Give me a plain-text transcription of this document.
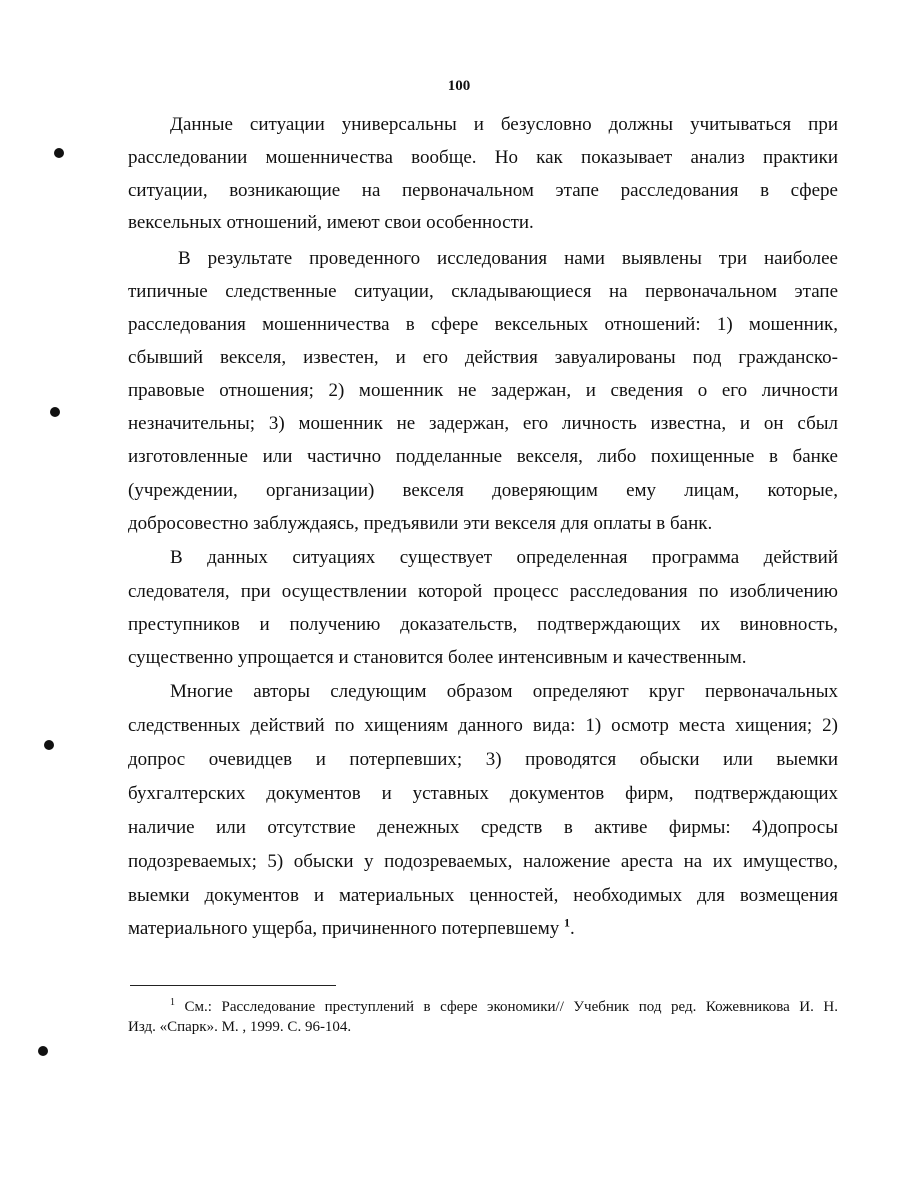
100
Данные ситуации универсальны и безусловно должны учитываться при
расследовании мошенничества вообще. Но как показывает анализ практики
ситуации, возникающие на первоначальном этапе расследования в сфере
вексельных отношений, имеют свои особенности.
В результате проведенного исследования нами выявлены три наиболее
типичные следственные ситуации, складывающиеся на первоначальном этапе
расследования мошенничества в сфере вексельных отношений: 1) мошенник,
сбывший векселя, известен, и его действия завуалированы под гражданско-
правовые отношения; 2) мошенник не задержан, и сведения о его личности
незначительны; 3) мошенник не задержан, его личность известна, и он сбыл
изготовленные или частично подделанные векселя, либо похищенные в банке
(учреждении, организации) векселя доверяющим ему лицам, которые,
добросовестно заблуждаясь, предъявили эти векселя для оплаты в банк.
В данных ситуациях существует определенная программа действий
следователя, при осуществлении которой процесс расследования по изобличению
преступников и получению доказательств, подтверждающих их виновность,
существенно упрощается и становится более интенсивным и качественным.
Многие авторы следующим образом определяют круг первоначальных
следственных действий по хищениям данного вида: 1) осмотр места хищения; 2)
допрос очевидцев и потерпевших; 3) проводятся обыски или выемки
бухгалтерских документов и уставных документов фирм, подтверждающих
наличие или отсутствие денежных средств в активе фирмы: 4)допросы
подозреваемых; 5) обыски у подозреваемых, наложение ареста на их имущество,
выемки документов и материальных ценностей, необходимых для возмещения
материального ущерба, причиненного потерпевшему $^1$.
$^1$ См.: Расследование преступлений в сфере экономики// Учебник под ред. Кожевникова И. Н.
Изд. «Спарк». М. , 1999. С. 96-104.
